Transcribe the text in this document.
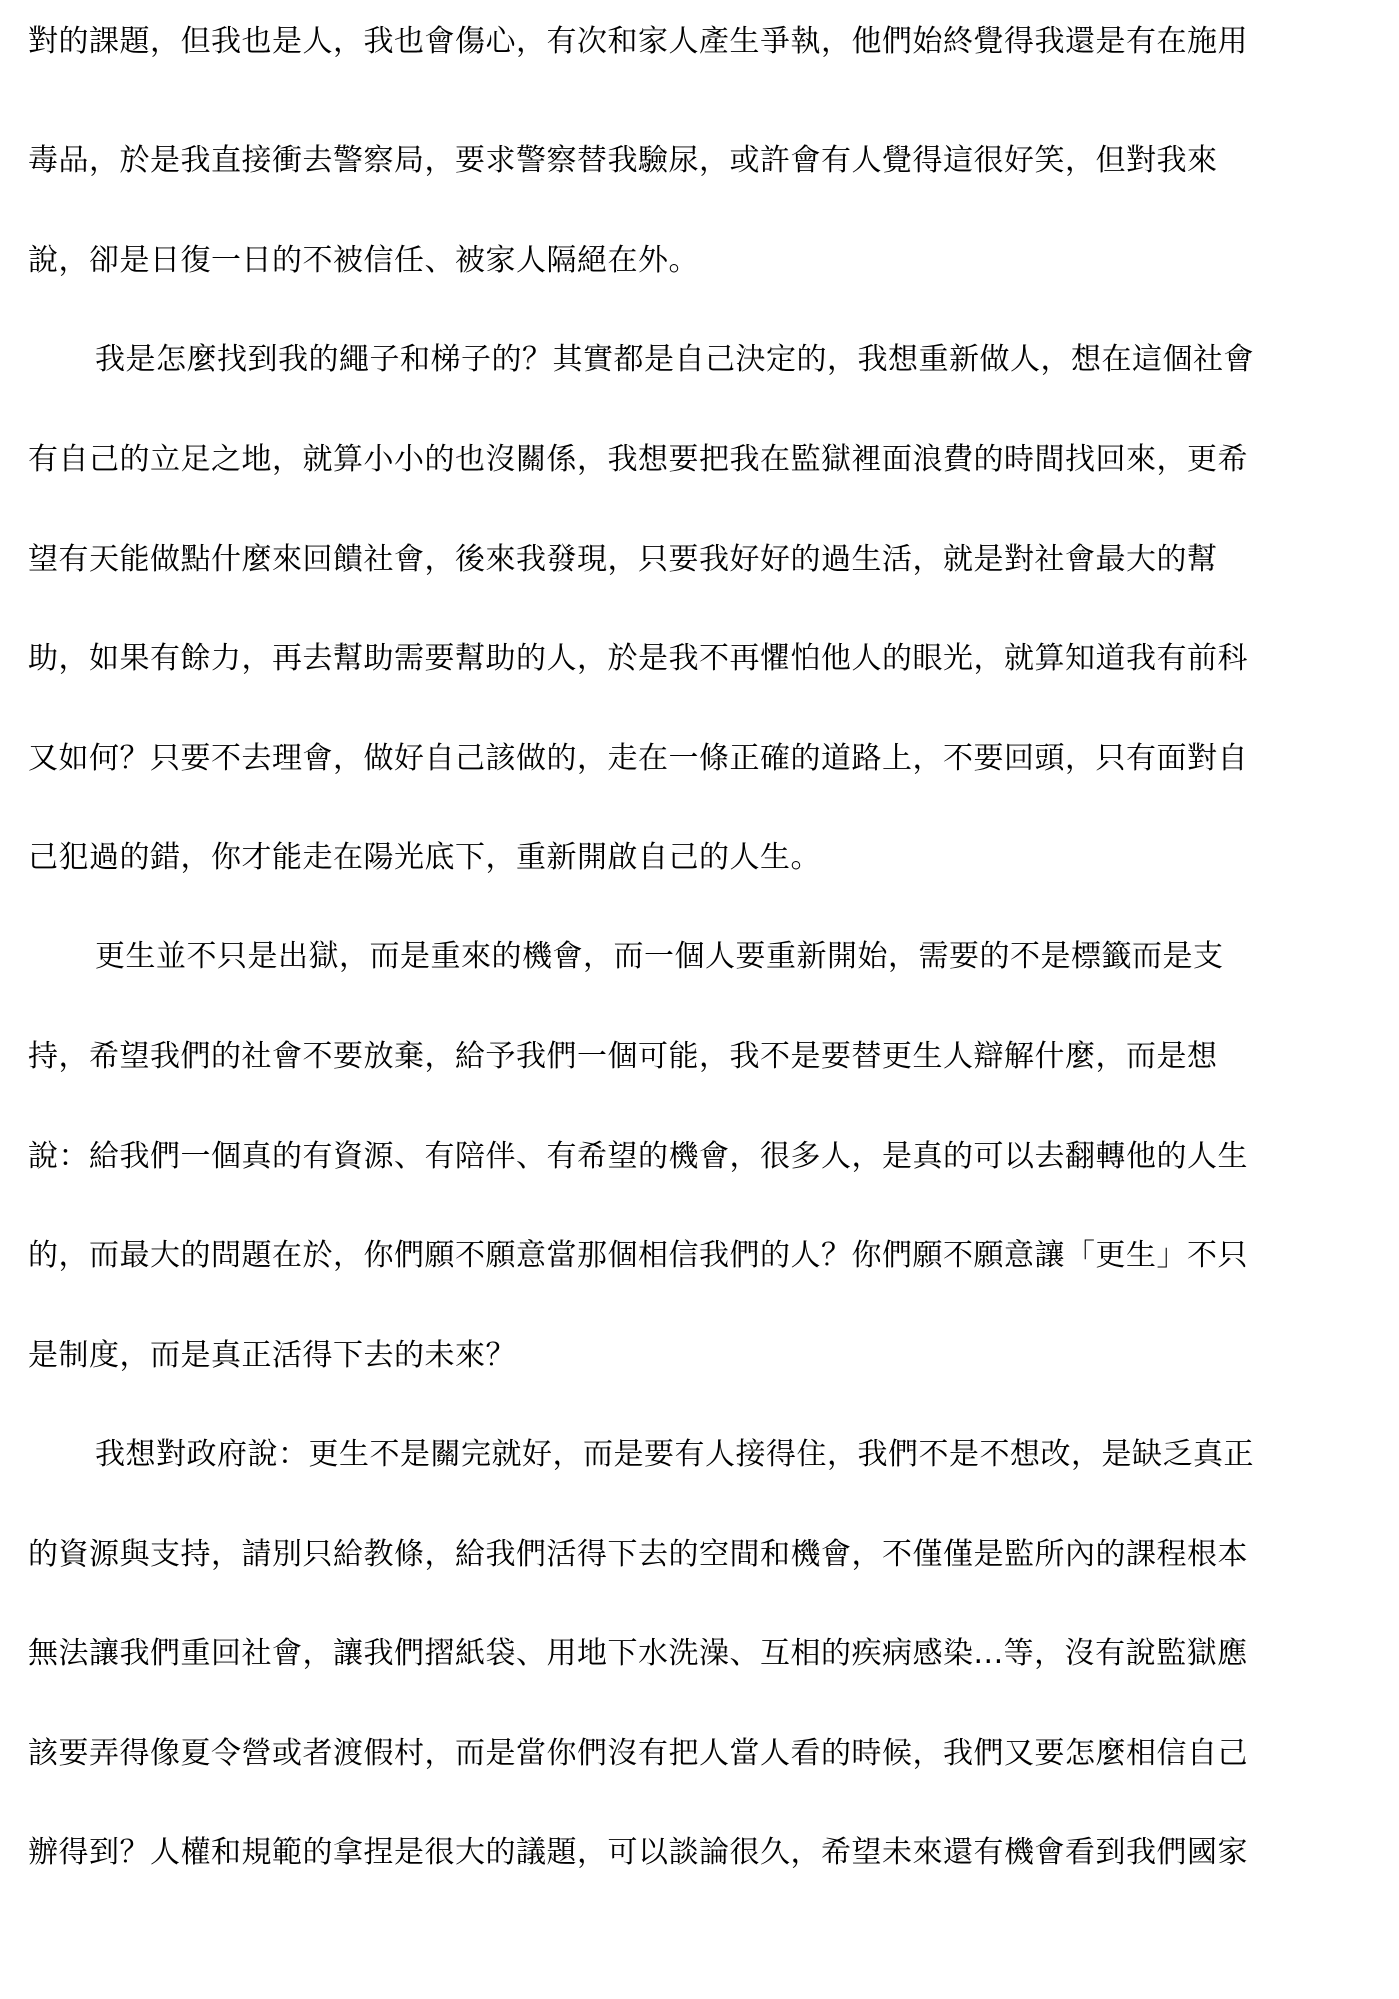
對的課題，但我也是人，我也會傷心，有次和家人產生爭執，他們始終覺得我還是有在施用
毒品，於是我直接衝去警察局，要求警察替我驗尿，或許會有人覺得這很好笑，但對我來
說，卻是日復一日的不被信任、被家人隔絕在外。
我是怎麼找到我的繩子和梯子的？其實都是自己決定的，我想重新做人，想在這個社會
有自己的立足之地，就算小小的也沒關係，我想要把我在監獄裡面浪費的時間找回來，更希
望有天能做點什麼來回饋社會，後來我發現，只要我好好的過生活，就是對社會最大的幫
助，如果有餘力，再去幫助需要幫助的人，於是我不再懼怕他人的眼光，就算知道我有前科
又如何？只要不去理會，做好自己該做的，走在一條正確的道路上，不要回頭，只有面對自
己犯過的錯，你才能走在陽光底下，重新開啟自己的人生。
更生並不只是出獄，而是重來的機會，而一個人要重新開始，需要的不是標籤而是支
持，希望我們的社會不要放棄，給予我們一個可能，我不是要替更生人辯解什麼，而是想
說：給我們一個真的有資源、有陪伴、有希望的機會，很多人，是真的可以去翻轉他的人生
的，而最大的問題在於，你們願不願意當那個相信我們的人？你們願不願意讓「更生」不只
是制度，而是真正活得下去的未來？
我想對政府說：更生不是關完就好，而是要有人接得住，我們不是不想改，是缺乏真正
的資源與支持，請別只給教條，給我們活得下去的空間和機會，不僅僅是監所內的課程根本
無法讓我們重回社會，讓我們摺紙袋、用地下水洗澡、互相的疾病感染...等，沒有說監獄應
該要弄得像夏令營或者渡假村，而是當你們沒有把人當人看的時候，我們又要怎麼相信自己
辦得到？人權和規範的拿捏是很大的議題，可以談論很久，希望未來還有機會看到我們國家
